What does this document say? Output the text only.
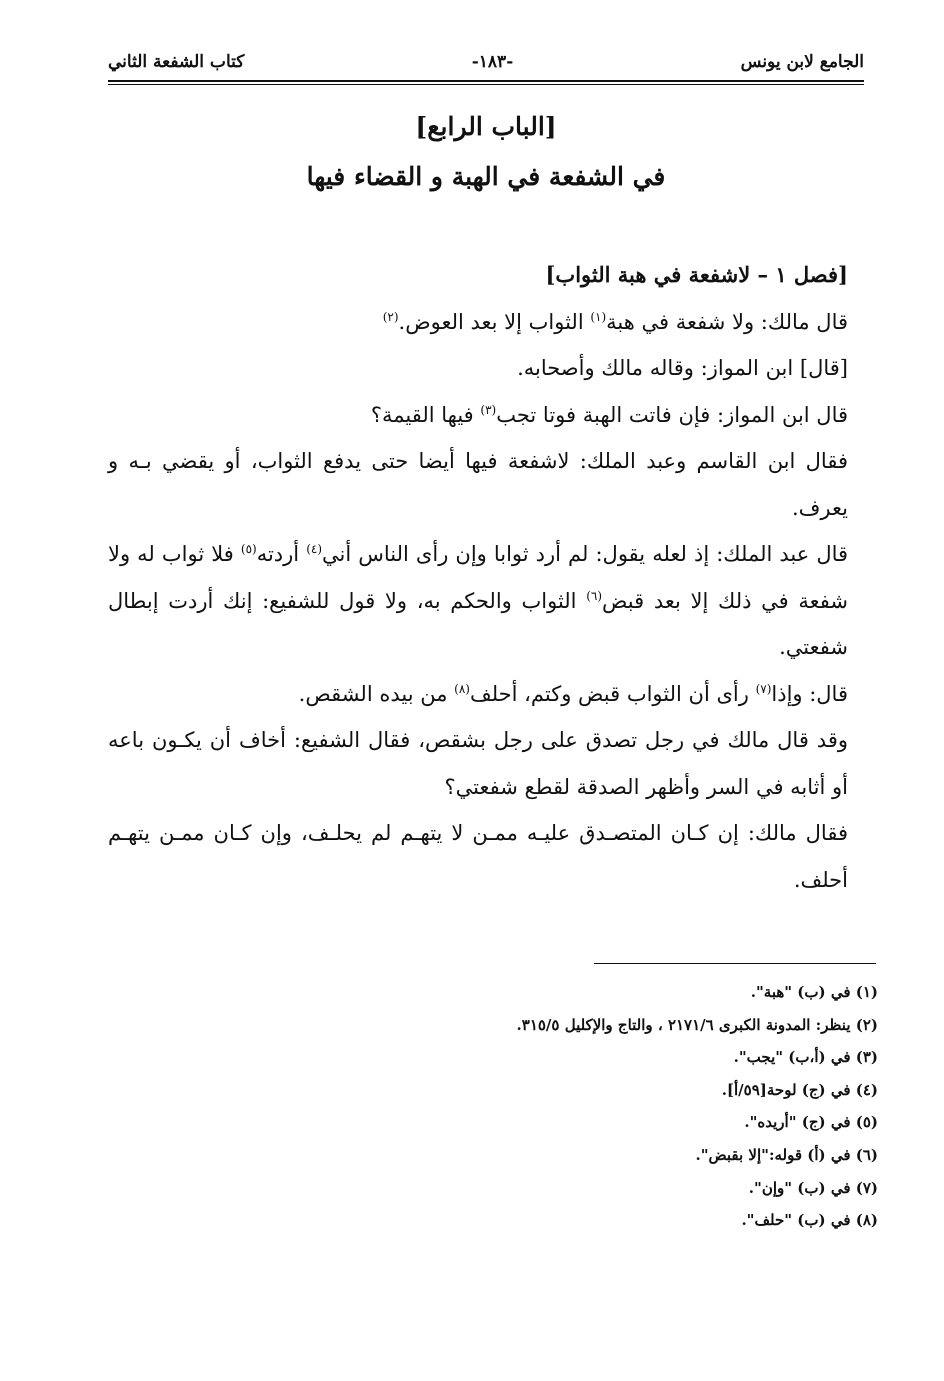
الجامع لابن يونس
-١٨٣-
كتاب الشفعة الثاني
[الباب الرابع]
في الشفعة في الهبة و القضاء فيها

[فصل ١ – لاشفعة في هبة الثواب]

قال مالك: ولا شفعة في هبة$^{(١)}$ الثواب إلا بعد العوض.$^{(٢)}$

[قال] ابن المواز: وقاله مالك وأصحابه.

قال ابن المواز: فإن فاتت الهبة فوتا تجب$^{(٣)}$ فيها القيمة؟

فقال ابن القاسم وعبد الملك: لاشفعة فيها أيضا حتى يدفع الثواب، أو يقضي بـه و يعرف.

قال عبد الملك: إذ لعله يقول: لم أرد ثوابا وإن رأى الناس أني$^{(٤)}$ أردته$^{(٥)}$ فلا ثواب له ولا شفعة في ذلك إلا بعد قبض$^{(٦)}$ الثواب والحكم به، ولا قول للشفيع: إنك أردت إبطال شفعتي.

قال: وإذا$^{(٧)}$ رأى أن الثواب قبض وكتم، أحلف$^{(٨)}$ من بيده الشقص.

وقد قال مالك في رجل تصدق على رجل بشقص، فقال الشفيع: أخاف أن يكـون باعه أو أثابه في السر وأظهر الصدقة لقطع شفعتي؟

فقال مالك: إن كـان المتصـدق عليـه ممـن لا يتهـم لم يحلـف، وإن كـان ممـن يتهـم أحلف.

(١) في (ب) "هبة".
(٢) ينظر: المدونة الكبرى ٢١٧١/٦ ، والتاج والإكليل ٣١٥/٥.
(٣) في (أ،ب) "يجب".
(٤) في (ج) لوحة[٥٩/أ].
(٥) في (ج) "أريده".
(٦) في (أ) قوله:"إلا بقبض".
(٧) في (ب) "وإن".
(٨) في (ب) "حلف".
